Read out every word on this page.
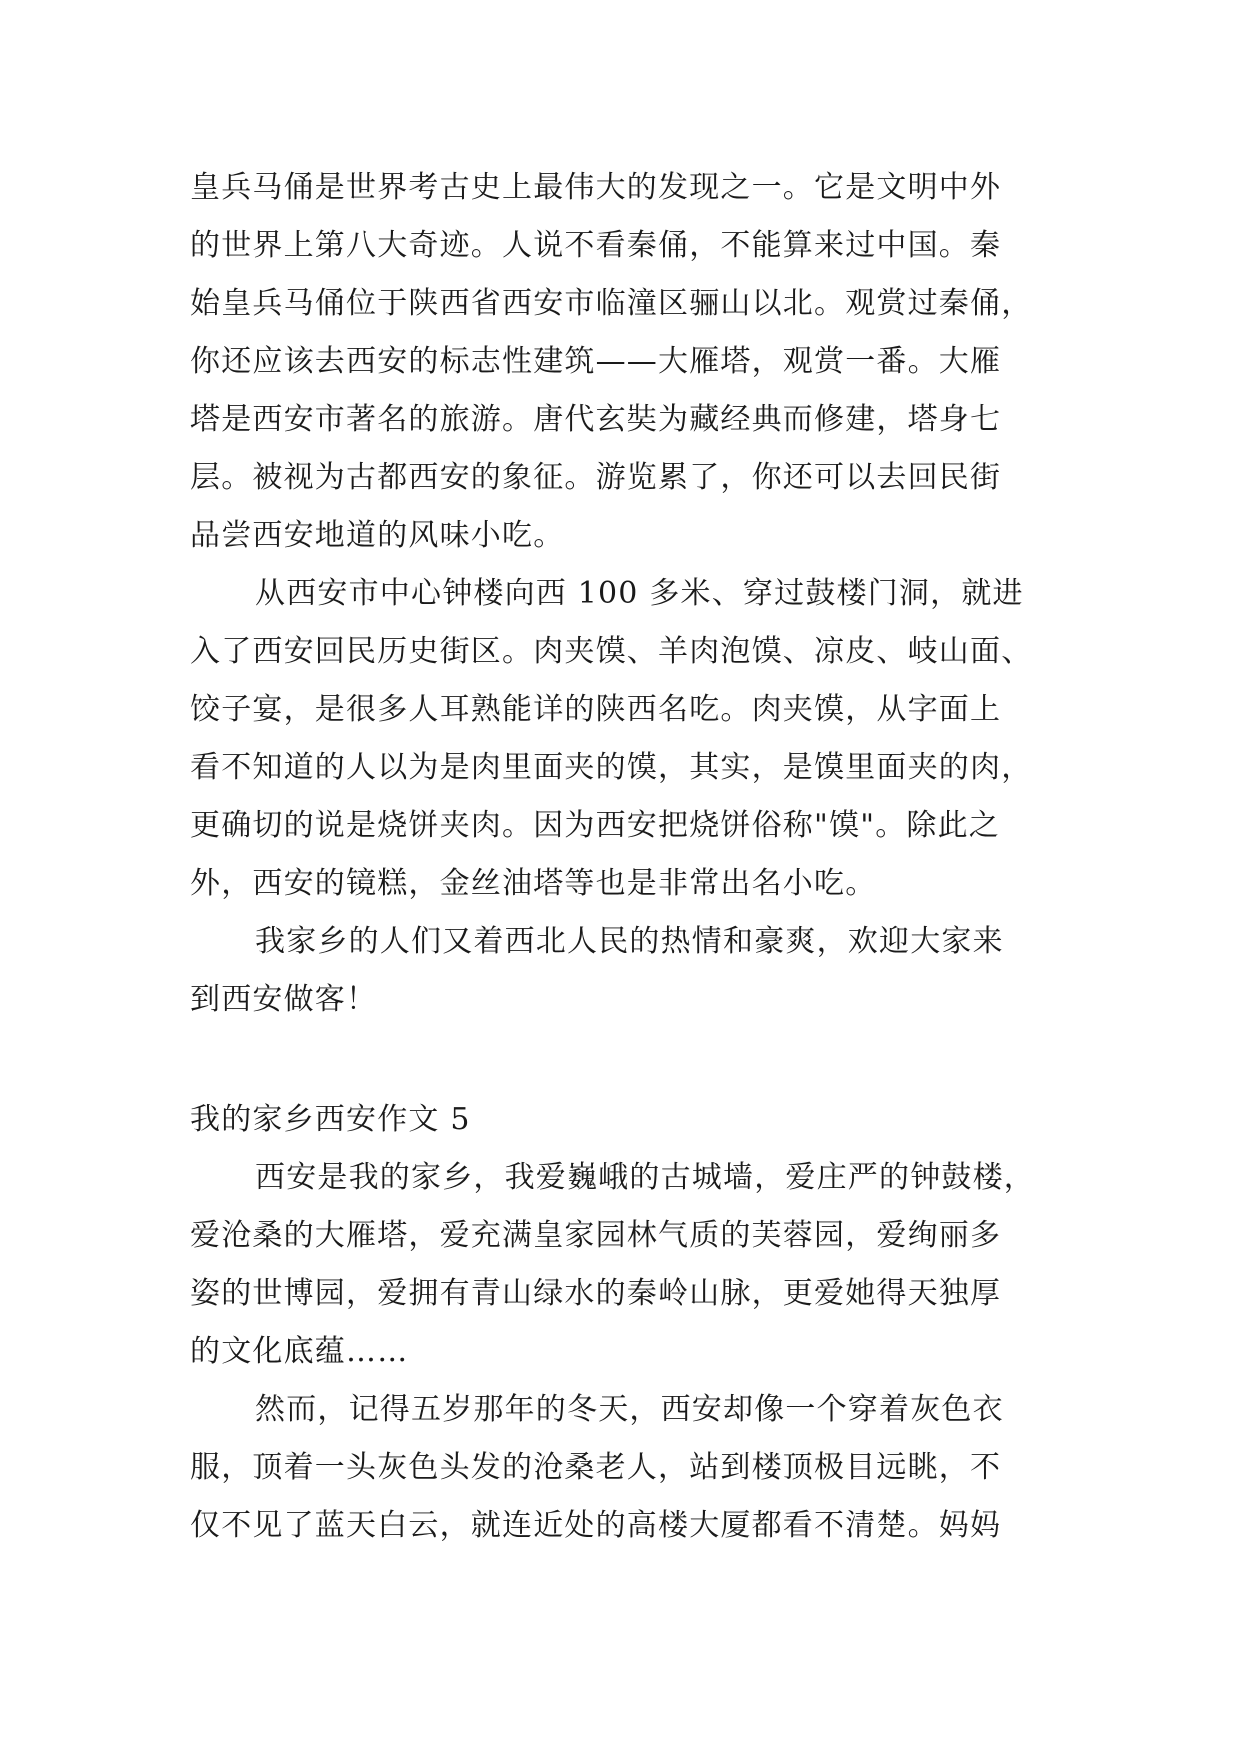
皇兵马俑是世界考古史上最伟大的发现之一。它是文明中外
的世界上第八大奇迹。人说不看秦俑，不能算来过中国。秦
始皇兵马俑位于陕西省西安市临潼区骊山以北。观赏过秦俑，
你还应该去西安的标志性建筑——大雁塔，观赏一番。大雁
塔是西安市著名的旅游。唐代玄奘为藏经典而修建，塔身七
层。被视为古都西安的象征。游览累了，你还可以去回民街
品尝西安地道的风味小吃。
从西安市中心钟楼向西 100 多米、穿过鼓楼门洞，就进
入了西安回民历史街区。肉夹馍、羊肉泡馍、凉皮、岐山面、
饺子宴，是很多人耳熟能详的陕西名吃。肉夹馍，从字面上
看不知道的人以为是肉里面夹的馍，其实，是馍里面夹的肉，
更确切的说是烧饼夹肉。因为西安把烧饼俗称"馍"。除此之
外，西安的镜糕，金丝油塔等也是非常出名小吃。
我家乡的人们又着西北人民的热情和豪爽，欢迎大家来
到西安做客！
我的家乡西安作文 5
西安是我的家乡，我爱巍峨的古城墙，爱庄严的钟鼓楼，
爱沧桑的大雁塔，爱充满皇家园林气质的芙蓉园，爱绚丽多
姿的世博园，爱拥有青山绿水的秦岭山脉，更爱她得天独厚
的文化底蕴……
然而，记得五岁那年的冬天，西安却像一个穿着灰色衣
服，顶着一头灰色头发的沧桑老人，站到楼顶极目远眺，不
仅不见了蓝天白云，就连近处的高楼大厦都看不清楚。妈妈
